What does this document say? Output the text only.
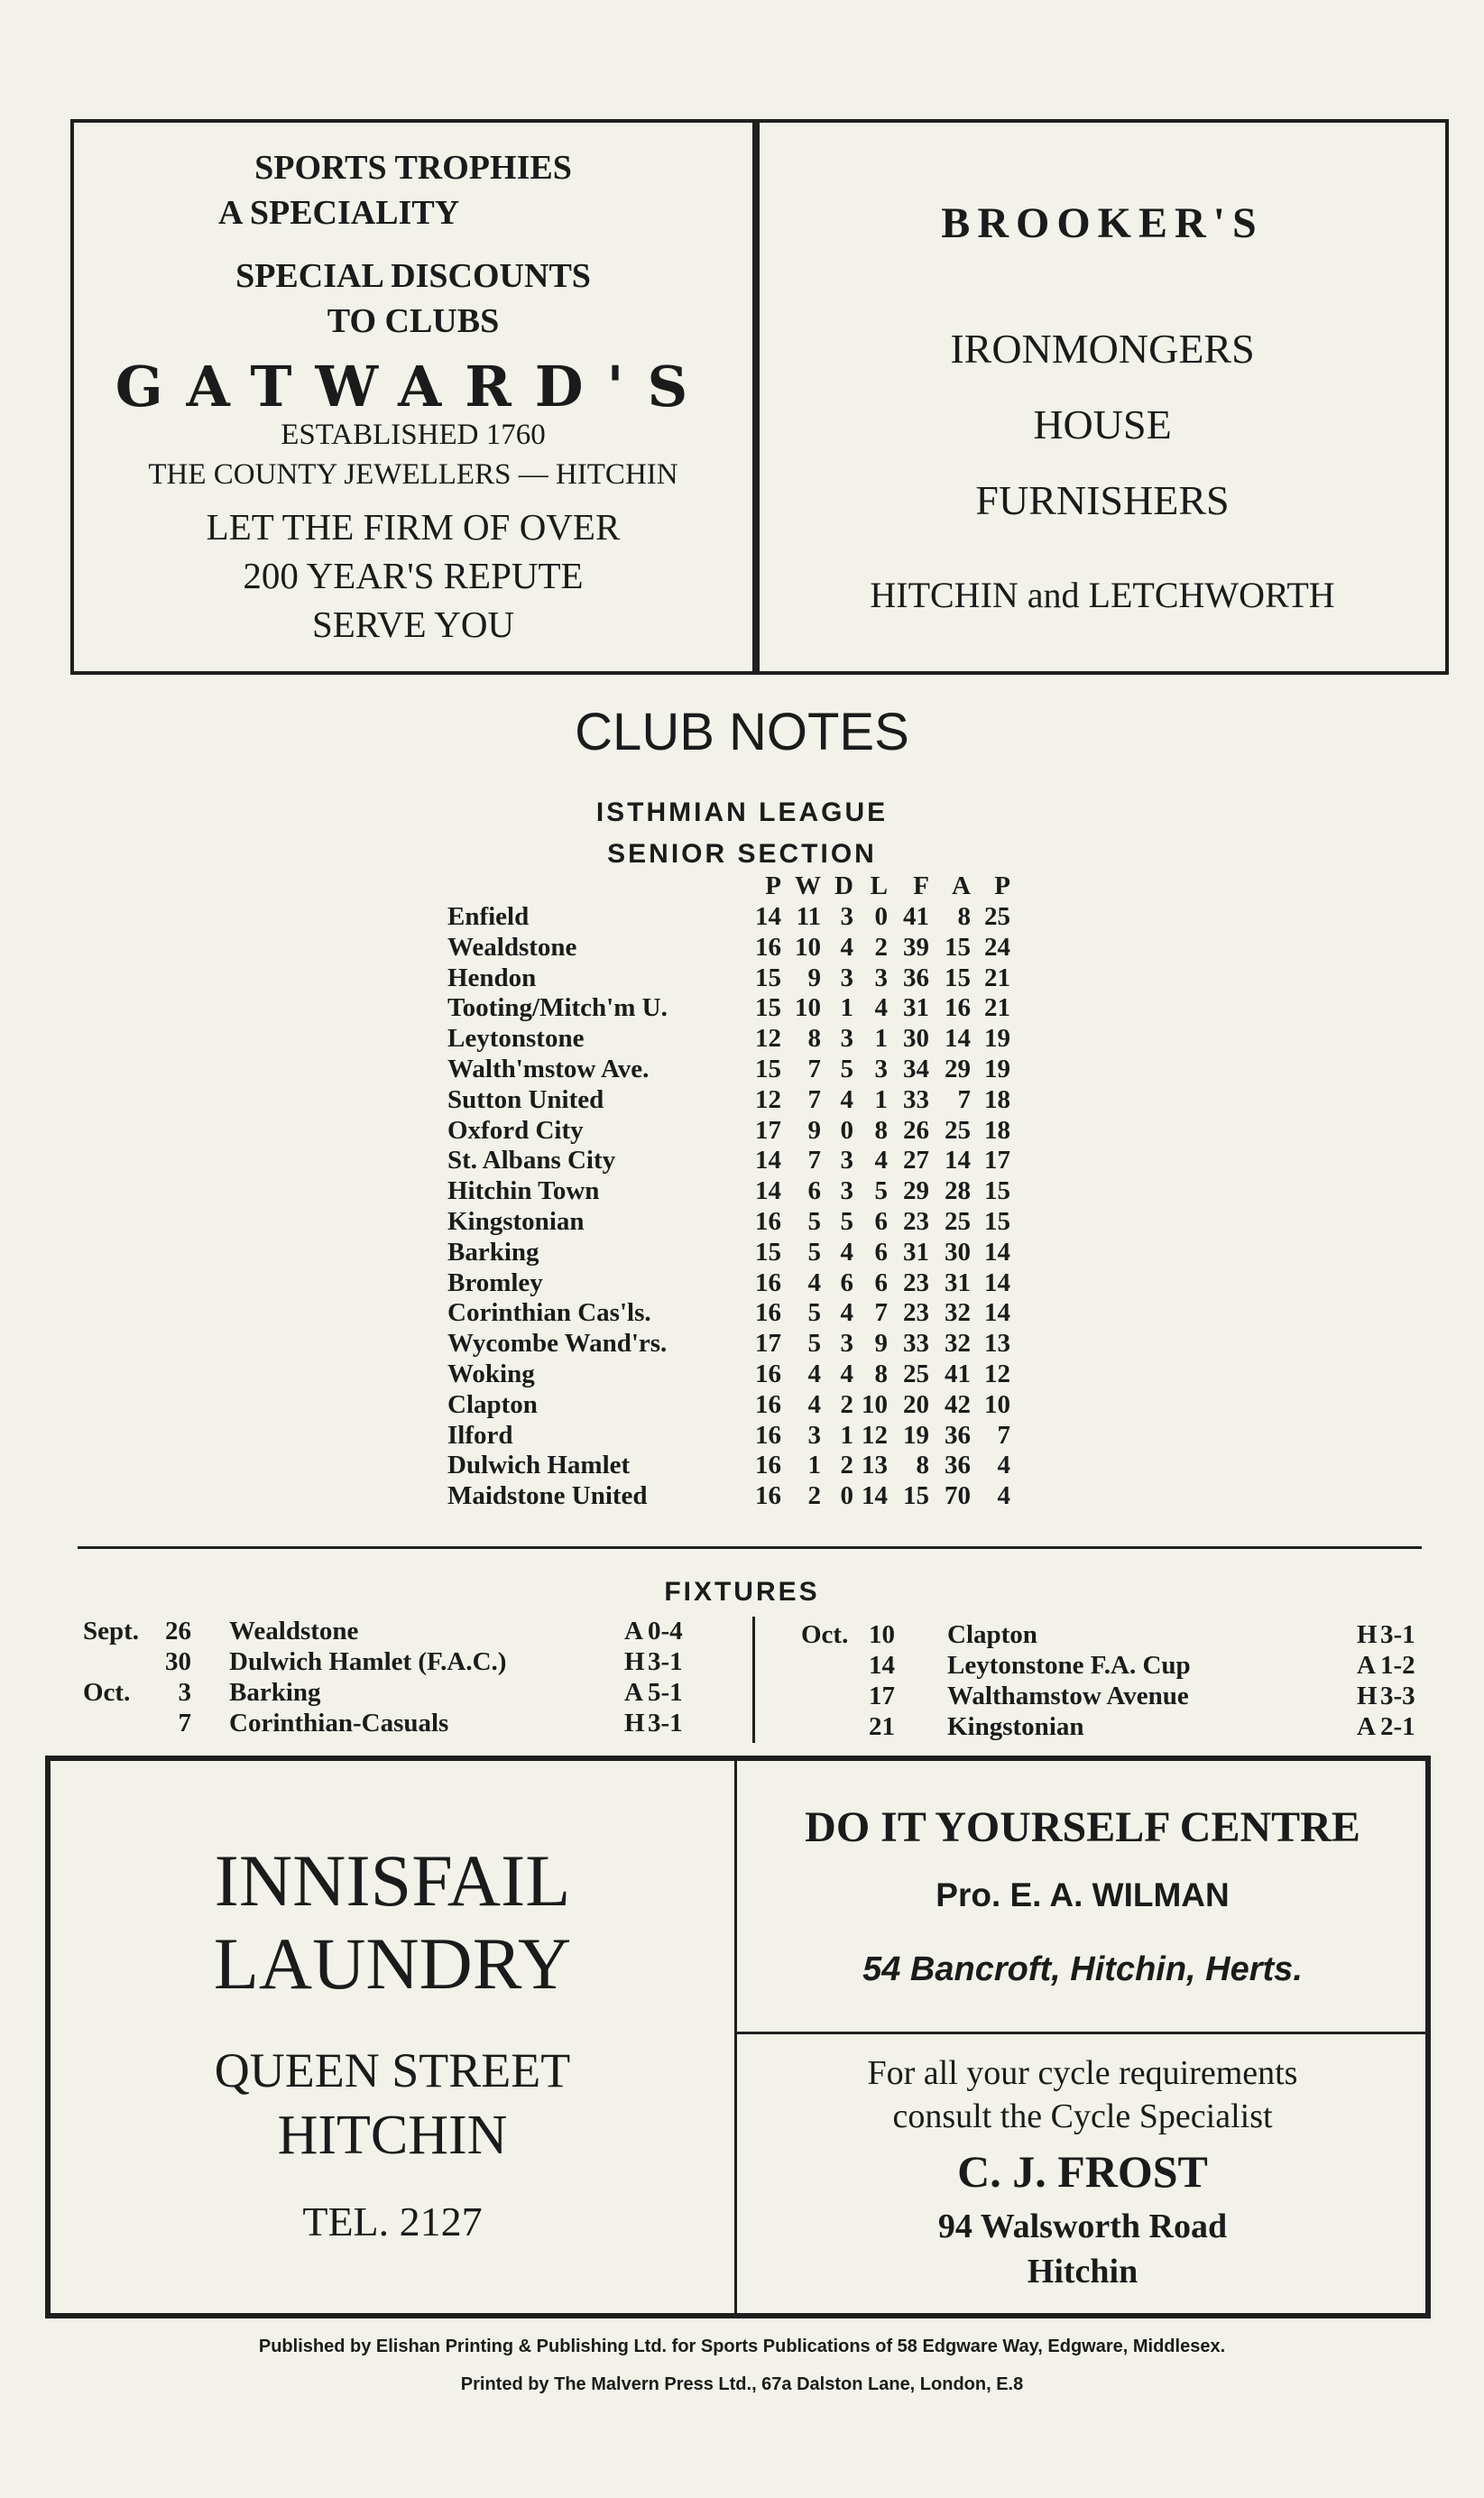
SPORTS TROPHIES
A SPECIALITY
SPECIAL DISCOUNTS
TO CLUBS
GATWARD'S
ESTABLISHED 1760
THE COUNTY JEWELLERS — HITCHIN
LET THE FIRM OF OVER
200 YEAR'S REPUTE
SERVE YOU
BROOKER'S
IRONMONGERS
HOUSE
FURNISHERS
HITCHIN and LETCHWORTH
CLUB NOTES
ISTHMIAN LEAGUE
SENIOR SECTION
P W D L F A P
Enfield	14 11 3 0 41	8 25
Wealdstone	16 10 4 2 39 15 24
Hendon	15	9 3 3 36 15 21
Tooting/Mitch'm U.	15 10 1 4 31 16 21
Leytonstone	12	8 3 1 30 14 19
Walth'mstow Ave.	15	7 5 3 34 29 19
Sutton United	12	7 4 1 33	7 18
Oxford City	17	9 0 8 26 25 18
St. Albans City	14	7 3 4 27 14 17
Hitchin Town	14	6 3 5 29 28 15
Kingstonian	16	5 5 6 23 25 15
Barking	15	5 4 6 31 30 14
Bromley	16	4 6 6 23 31 14
Corinthian Cas'ls.	16	5 4 7 23 32 14
Wycombe Wand'rs.	17	5 3 9 33 32 13
Woking	16	4 4 8 25 41 12
Clapton	16	4 2 10 20 42 10
Ilford	16	3 1 12 19 36	7
Dulwich Hamlet	16	1 2 13	8 36	4
Maidstone United	16	2 0 14 15 70	4
FIXTURES
Sept. 26 Wealdstone	A 0-4
30 Dulwich Hamlet (F.A.C.)	H 3-1
Oct.	3 Barking	A 5-1
7 Corinthian-Casuals	H 3-1
Oct. 10 Clapton	H 3-1
14 Leytonstone F.A. Cup	A 1-2
17 Walthamstow Avenue	H 3-3
21 Kingstonian	A 2-1
INNISFAIL
LAUNDRY
QUEEN STREET
HITCHIN
TEL. 2127
DO IT YOURSELF CENTRE
Pro. E. A. WILMAN
54 Bancroft, Hitchin, Herts.
For all your cycle requirements
consult the Cycle Specialist
C. J. FROST
94 Walsworth Road
Hitchin
Published by Elishan Printing & Publishing Ltd. for Sports Publications of 58 Edgware Way, Edgware, Middlesex.
Printed by The Malvern Press Ltd., 67a Dalston Lane, London, E.8
